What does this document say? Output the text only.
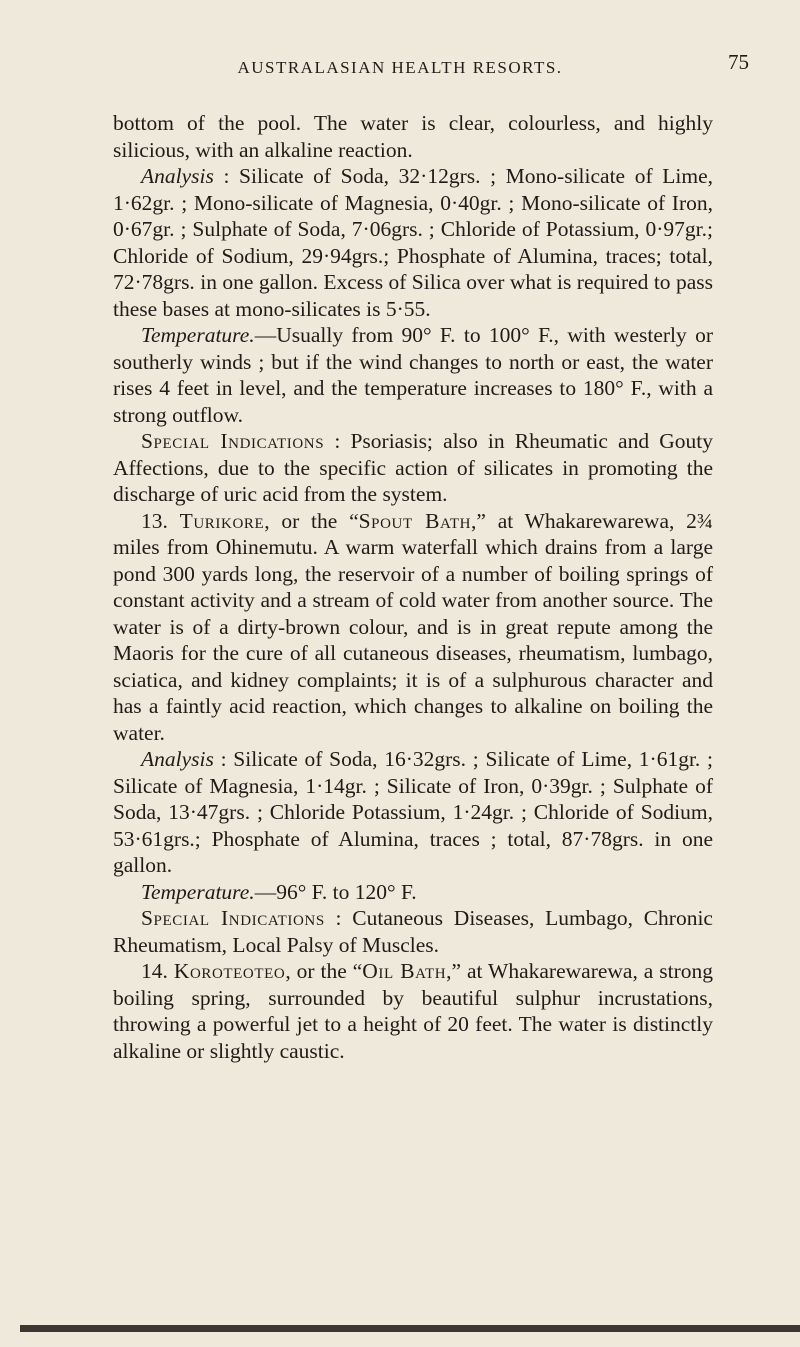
AUSTRALASIAN HEALTH RESORTS.	75

bottom of the pool. The water is clear, colourless, and highly silicious, with an alkaline reaction.

Analysis : Silicate of Soda, 32·12grs. ; Mono-silicate of Lime, 1·62gr. ; Mono-silicate of Magnesia, 0·40gr. ; Mono-silicate of Iron, 0·67gr. ; Sulphate of Soda, 7·06grs. ; Chloride of Potassium, 0·97gr.; Chloride of Sodium, 29·94grs.; Phosphate of Alumina, traces; total, 72·78grs. in one gallon. Excess of Silica over what is required to pass these bases at mono-silicates is 5·55.

Temperature.—Usually from 90° F. to 100° F., with westerly or southerly winds ; but if the wind changes to north or east, the water rises 4 feet in level, and the temperature increases to 180° F., with a strong outflow.

Special Indications : Psoriasis; also in Rheumatic and Gouty Affections, due to the specific action of silicates in promoting the discharge of uric acid from the system.

13. Turikore, or the “Spout Bath,” at Whakarewarewa, 2¾ miles from Ohinemutu. A warm waterfall which drains from a large pond 300 yards long, the reservoir of a number of boiling springs of constant activity and a stream of cold water from another source. The water is of a dirty-brown colour, and is in great repute among the Maoris for the cure of all cutaneous diseases, rheumatism, lumbago, sciatica, and kidney complaints; it is of a sulphurous character and has a faintly acid reaction, which changes to alkaline on boiling the water.

Analysis : Silicate of Soda, 16·32grs. ; Silicate of Lime, 1·61gr. ; Silicate of Magnesia, 1·14gr. ; Silicate of Iron, 0·39gr. ; Sulphate of Soda, 13·47grs. ; Chloride Potassium, 1·24gr. ; Chloride of Sodium, 53·61grs.; Phosphate of Alumina, traces ; total, 87·78grs. in one gallon.

Temperature.—96° F. to 120° F.

Special Indications : Cutaneous Diseases, Lumbago, Chronic Rheumatism, Local Palsy of Muscles.

14. Koroteoteo, or the “Oil Bath,” at Whakarewarewa, a strong boiling spring, surrounded by beautiful sulphur incrustations, throwing a powerful jet to a height of 20 feet. The water is distinctly alkaline or slightly caustic.
